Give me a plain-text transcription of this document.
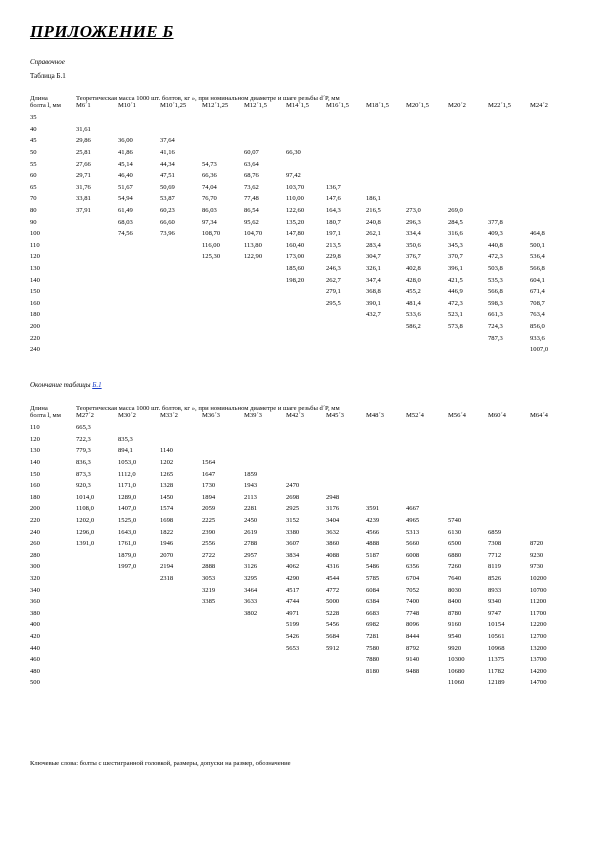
ПРИЛОЖЕНИЕ Б
Справочное
Таблица Б.1
Длина	Теоретическая масса 1000 шт. болтов, кг », при номинальном диаметре и шаге резьбы d´P, мм											
болта l, мм	M6´1	M10´1	M10´1,25	M12´1,25	M12´1,5	M14´1,5	M16´1,5	M18´1,5	M20´1,5	M20´2	M22´1,5	M24´2
35												
40	31,61											
45	29,86	36,00	37,64									
50	25,81	41,86	41,16		60,07	66,30						
55	27,66	45,14	44,34	54,73	63,64							
60	29,71	46,40	47,51	66,36	68,76	97,42						
65	31,76	51,67	50,69	74,04	73,62	103,70	136,7					
70	33,81	54,94	53,87	76,70	77,48	110,00	147,6	186,1				
80	37,91	61,49	60,23	86,03	86,54	122,60	164,3	216,5	273,0	269,0		
90		68,03	66,60	97,34	95,62	135,20	180,7	240,8	296,3	284,5	377,8	
100		74,56	73,96	108,70	104,70	147,80	197,1	262,1	334,4	316,6	409,3	464,8
110				116,00	113,80	160,40	213,5	283,4	350,6	345,3	440,8	500,1
120				125,30	122,90	173,00	229,8	304,7	376,7	370,7	472,3	536,4
130						185,60	246,3	326,1	402,8	396,1	503,8	566,8
140						198,20	262,7	347,4	428,0	421,5	535,3	604,1
150							279,1	368,8	455,2	446,9	566,8	671,4
160							295,5	390,1	481,4	472,3	598,3	708,7
180								432,7	533,6	523,1	661,3	763,4
200									586,2	573,8	724,3	856,0
220											787,3	933,6
240												1007,0
Окончание таблицы Б.1
Длина	Теоретическая масса 1000 шт. болтов, кг », при номинальном диаметре и шаге резьбы d´P, мм											
болта l, мм	M27´2	M30´2	M33´2	M36´3	M39´3	M42´3	M45´3	M48´3	M52´4	M56´4	M60´4	M64´4
110	665,3											
120	722,3	835,3										
130	779,3	894,1	1140									
140	836,3	1053,0	1202	1564								
150	873,3	1112,0	1265	1647	1859							
160	920,3	1171,0	1328	1730	1943	2470						
180	1014,0	1289,0	1450	1894	2113	2698	2948					
200	1108,0	1407,0	1574	2059	2281	2925	3176	3591	4667			
220	1202,0	1525,0	1698	2225	2450	3152	3404	4239	4965	5740		
240	1296,0	1643,0	1822	2390	2619	3380	3632	4566	5313	6130	6859	
260	1391,0	1761,0	1946	2556	2788	3607	3860	4888	5660	6500	7308	8720
280		1879,0	2070	2722	2957	3834	4088	5187	6008	6880	7712	9230
300		1997,0	2194	2888	3126	4062	4316	5486	6356	7260	8119	9730
320			2318	3053	3295	4290	4544	5785	6704	7640	8526	10200
340				3219	3464	4517	4772	6084	7052	8030	8933	10700
360				3385	3633	4744	5000	6384	7400	8400	9340	11200
380					3802	4971	5228	6683	7748	8780	9747	11700
400						5199	5456	6982	8096	9160	10154	12200
420						5426	5684	7281	8444	9540	10561	12700
440						5653	5912	7580	8792	9920	10968	13200
460								7880	9140	10300	11375	13700
480								8180	9488	10680	11782	14200
500										11060	12189	14700
Ключевые слова: болты с шестигранной головкой, размеры, допуски на размер, обозначение
